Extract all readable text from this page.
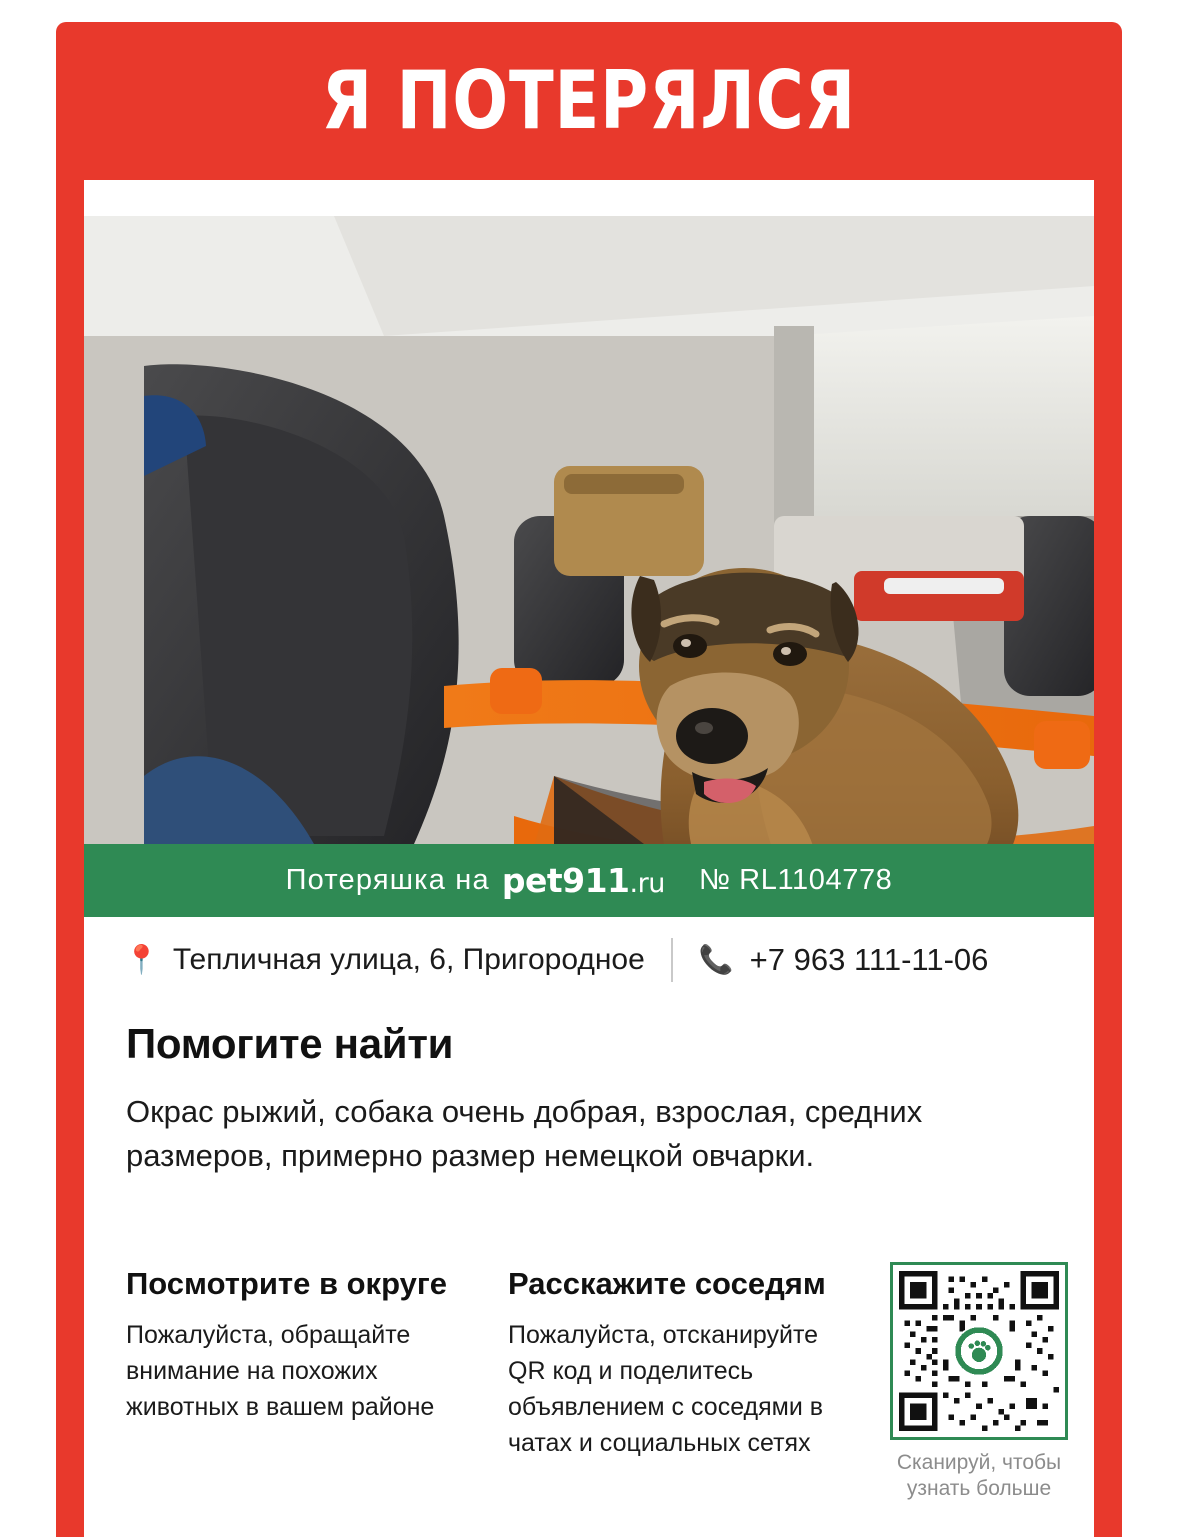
Я ПОТЕРЯЛСЯ
Потеряшка на pet911.ru № RL1104778
📍 Тепличная улица, 6, Пригородное 📞 +7 963 111-11-06
Помогите найти
Окрас рыжий, собака очень добрая, взрослая, средних размеров, примерно размер немецкой овчарки.
Посмотрите в округе

Пожалуйста, обращайте внимание на похожих животных в вашем районе

Расскажите соседям

Пожалуйста, отсканируйте QR код и поделитесь объявлением с соседями в чатах и социальных сетях

Сканируй, чтобы узнать больше
